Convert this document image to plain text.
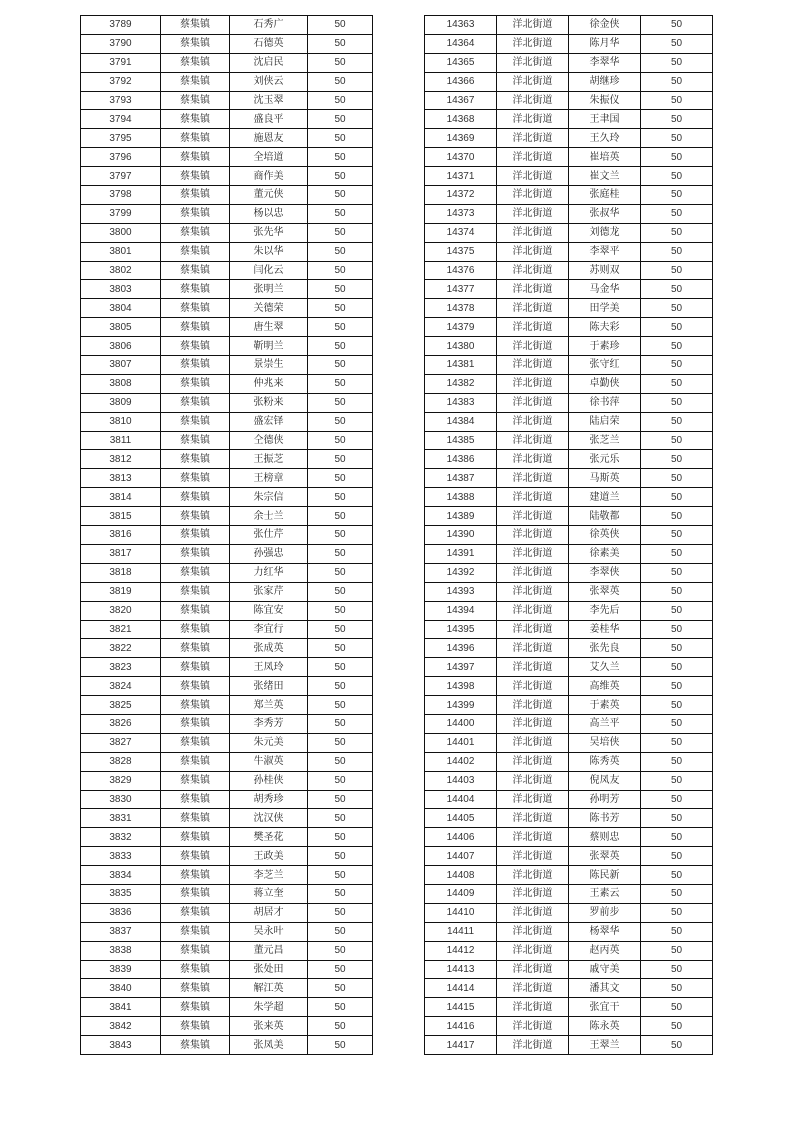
3789	蔡集镇	石秀广	50
3790	蔡集镇	石德英	50
3791	蔡集镇	沈启民	50
3792	蔡集镇	刘侠云	50
3793	蔡集镇	沈玉翠	50
3794	蔡集镇	盛良平	50
3795	蔡集镇	施恩友	50
3796	蔡集镇	全培道	50
3797	蔡集镇	商作美	50
3798	蔡集镇	董元侠	50
3799	蔡集镇	杨以忠	50
3800	蔡集镇	张先华	50
3801	蔡集镇	朱以华	50
3802	蔡集镇	闫化云	50
3803	蔡集镇	张明兰	50
3804	蔡集镇	关德荣	50
3805	蔡集镇	唐生翠	50
3806	蔡集镇	靳明兰	50
3807	蔡集镇	景崇生	50
3808	蔡集镇	仲兆来	50
3809	蔡集镇	张粉来	50
3810	蔡集镇	盛宏铎	50
3811	蔡集镇	仝德侠	50
3812	蔡集镇	王振芝	50
3813	蔡集镇	王榜章	50
3814	蔡集镇	朱宗信	50
3815	蔡集镇	余士兰	50
3816	蔡集镇	张仕芹	50
3817	蔡集镇	孙强忠	50
3818	蔡集镇	力红华	50
3819	蔡集镇	张家芹	50
3820	蔡集镇	陈宜安	50
3821	蔡集镇	李宜行	50
3822	蔡集镇	张成英	50
3823	蔡集镇	王凤玲	50
3824	蔡集镇	张绪田	50
3825	蔡集镇	郑兰英	50
3826	蔡集镇	李秀芳	50
3827	蔡集镇	朱元美	50
3828	蔡集镇	牛淑英	50
3829	蔡集镇	孙桂侠	50
3830	蔡集镇	胡秀珍	50
3831	蔡集镇	沈汉侠	50
3832	蔡集镇	樊圣花	50
3833	蔡集镇	王政美	50
3834	蔡集镇	李芝兰	50
3835	蔡集镇	蒋立奎	50
3836	蔡集镇	胡居才	50
3837	蔡集镇	吴永叶	50
3838	蔡集镇	董元昌	50
3839	蔡集镇	张处田	50
3840	蔡集镇	解江英	50
3841	蔡集镇	朱学超	50
3842	蔡集镇	张来英	50
3843	蔡集镇	张凤美	50
14363	洋北街道	徐金侠	50
14364	洋北街道	陈月华	50
14365	洋北街道	李翠华	50
14366	洋北街道	胡继珍	50
14367	洋北街道	朱振仪	50
14368	洋北街道	王聿国	50
14369	洋北街道	王久玲	50
14370	洋北街道	崔培英	50
14371	洋北街道	崔文兰	50
14372	洋北街道	张庭桂	50
14373	洋北街道	张叔华	50
14374	洋北街道	刘德龙	50
14375	洋北街道	李翠平	50
14376	洋北街道	苏则双	50
14377	洋北街道	马金华	50
14378	洋北街道	田学美	50
14379	洋北街道	陈夫彩	50
14380	洋北街道	于素珍	50
14381	洋北街道	张守红	50
14382	洋北街道	卓勤侠	50
14383	洋北街道	徐书萍	50
14384	洋北街道	陆启荣	50
14385	洋北街道	张芝兰	50
14386	洋北街道	张元乐	50
14387	洋北街道	马斯英	50
14388	洋北街道	建道兰	50
14389	洋北街道	陆敬都	50
14390	洋北街道	徐英侠	50
14391	洋北街道	徐素美	50
14392	洋北街道	李翠侠	50
14393	洋北街道	张翠英	50
14394	洋北街道	李先后	50
14395	洋北街道	姜桂华	50
14396	洋北街道	张先良	50
14397	洋北街道	艾久兰	50
14398	洋北街道	高维英	50
14399	洋北街道	于素英	50
14400	洋北街道	高兰平	50
14401	洋北街道	吴培侠	50
14402	洋北街道	陈秀英	50
14403	洋北街道	倪凤友	50
14404	洋北街道	孙明芳	50
14405	洋北街道	陈书芳	50
14406	洋北街道	蔡则忠	50
14407	洋北街道	张翠英	50
14408	洋北街道	陈民新	50
14409	洋北街道	王素云	50
14410	洋北街道	罗前步	50
14411	洋北街道	杨翠华	50
14412	洋北街道	赵丙英	50
14413	洋北街道	戚守美	50
14414	洋北街道	潘其文	50
14415	洋北街道	张宜干	50
14416	洋北街道	陈永英	50
14417	洋北街道	王翠兰	50
